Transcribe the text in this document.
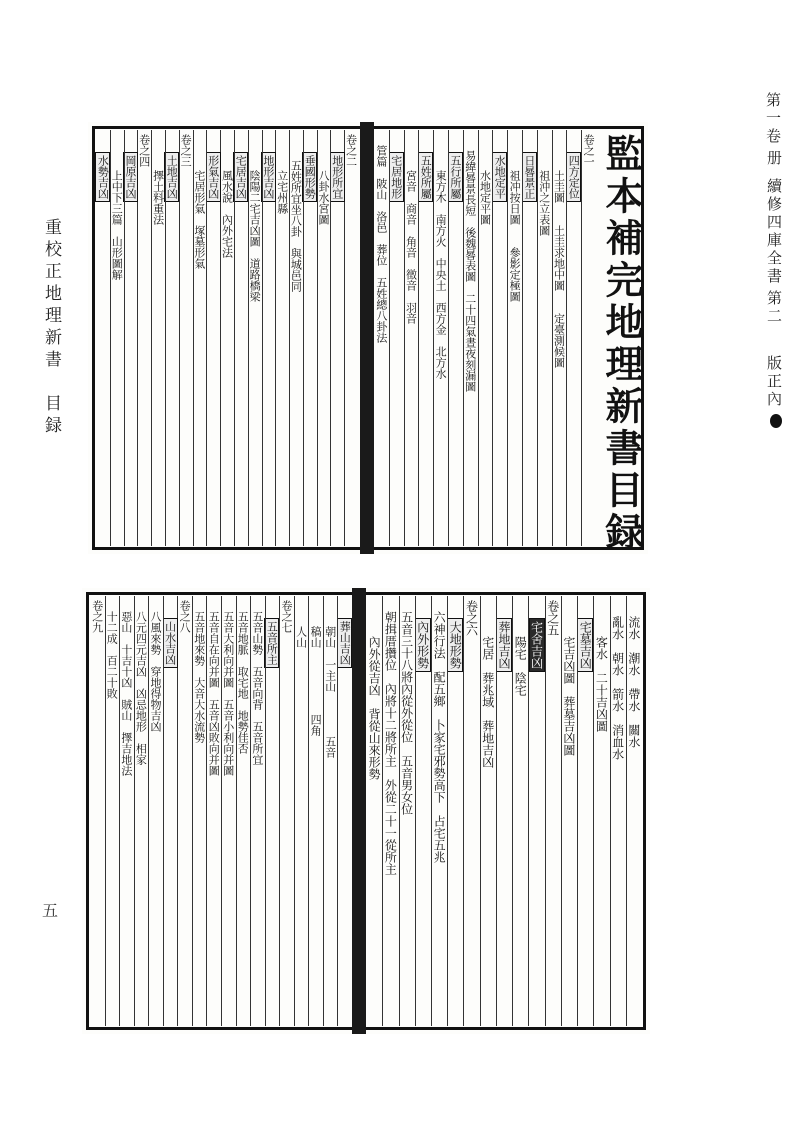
第一卷
册
續修四庫全書
第二
版正內
重校正地理新書　目録
五
監本補完地理新書目録
卷之一
四方定位
土圭圖　　土圭求地中圖　　定臺測候圖
祖沖之立表圖
日晷景正
祖冲按日圖　　參影定極圖
水地定平
水地定平圖
易緯晷景長短　後魏晷表圖　二十四氣晝夜刻漏圖
五行所屬
東方木　南方火　中央土　西方金　北方水
五姓所屬
宮音　商音　角音　徵音　羽音
宅居地形
管篇　陂山　洛邑　葬位　五姓總八卦法
卷之二
地形所宜
八卦水宮圖
垂國形勢
五姓所宜坐八卦　與城邑同
立宅州縣
地形吉凶
陰陽二宅吉凶圖　道路橋梁
宅居吉凶
風水說　內外宅法
形氣吉凶
宅居形氣　塚墓形氣
卷之三
土地吉凶
擇土料重法
卷之四
岡原吉凶
上中下三篇　山形圖解
水勢吉凶
流水　潮水　帶水　關水
亂水　朝水　箭水　消血水
客水　二十吉凶圖
宅墓吉凶
宅吉凶圖　葬墓吉凶圖
卷之五
宅舍吉凶
陽宅　陰宅
葬地吉凶
宅居　葬兆域　葬地吉凶
卷之六
大地形勢
六神行法　配五鄉　卜家宅邪勢高下　占宅五兆
內外形勢
五音三十八將內從外從位　五音男女位
朝揖厝攢位　內將十二將所主　外從二十一從所主
內外從吉凶　背從山來形勢
葬山吉凶
朝山　一主山　　　　五音
稿山　　　　　　四角
人山　　　　　　　　　
卷之七
五音所主
五音山勢　五音向背　五音所宜
五音地脈　取宅地　地勢佳否
五音大利向并圖　五音小利向并圖
五音自在向并圖　五音凶敗向并圖
五音地來勢　大音大水流勢
卷之八
山水吉凶
八風來勢　穿地得物吉凶
八元四元吉凶　凶忌地形　相家
惡山　十吉十凶　賊山　擇吉地法
十二成　百二十敗
卷之九
